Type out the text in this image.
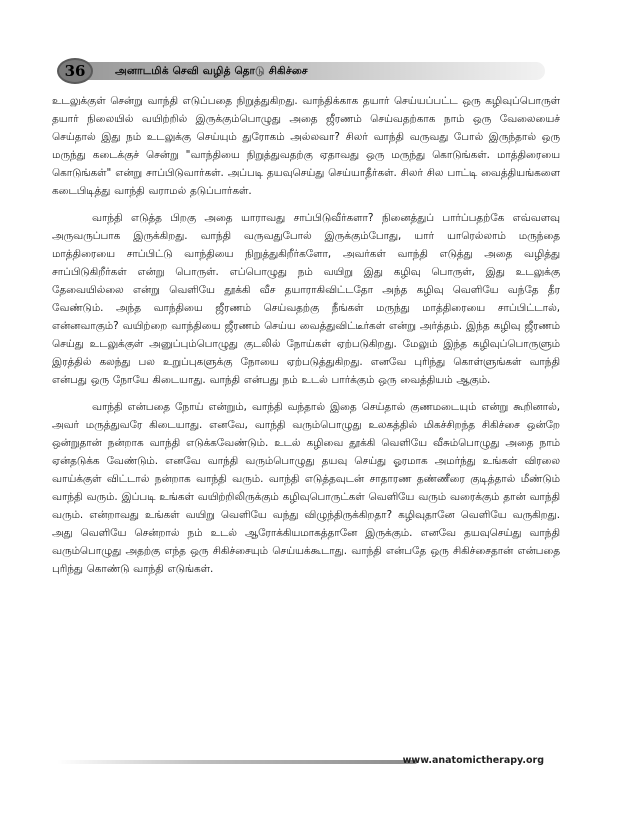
அனாடமிக் செவி வழித் தொடு சிகிச்சை
36

உடலுக்குள் சென்று வாந்தி எடுப்பதை நிறுத்துகிறது. வாந்திக்காக தயார் செய்யப்பட்ட ஒரு கழிவுப்பொருள் தயார் நிலையில் வயிற்றில் இருக்கும்பொழுது அதை ஜீரணம் செய்வதற்காக நாம் ஒரு வேலையைச் செய்தால் இது நம் உடலுக்கு செய்யும் துரோகம் அல்லவா? சிலர் வாந்தி வருவது போல் இருந்தால் ஒரு மருந்து கடைக்குச் சென்று "வாந்தியை நிறுத்துவதற்கு ஏதாவது ஒரு மருந்து கொடுங்கள். மாத்திரையை கொடுங்கள்" என்று சாப்பிடுவார்கள். அப்படி தயவுசெய்து செய்யாதீர்கள். சிலர் சில பாட்டி வைத்தியங்களை கடைபிடித்து வாந்தி வராமல் தடுப்பார்கள்.

வாந்தி எடுத்த பிறகு அதை யாராவது சாப்பிடுவீர்களா? நினைத்துப் பார்ப்பதற்கே எவ்வளவு அருவருப்பாக இருக்கிறது. வாந்தி வருவதுபோல் இருக்கும்போது, யார் யாரெல்லாம் மருந்தை மாத்திரையை சாப்பிட்டு வாந்தியை நிறுத்துகிறீர்களோ, அவர்கள் வாந்தி எடுத்து அதை வழித்து சாப்பிடுகிறீர்கள் என்று பொருள். எப்பொழுது நம் வயிறு இது கழிவு பொருள், இது உடலுக்கு தேவையில்லை என்று வெளியே தூக்கி வீச தயாராகிவிட்டதோ அந்த கழிவு வெளியே வந்தே தீர வேண்டும். அந்த வாந்தியை ஜீரணம் செய்வதற்கு நீங்கள் மருந்து மாத்திரையை சாப்பிட்டால், என்னவாகும்? வயிற்றை வாந்தியை ஜீரணம் செய்ய வைத்துவிட்டீர்கள் என்று அர்த்தம். இந்த கழிவு ஜீரணம் செய்து உடலுக்குள் அனுப்பும்பொழுது குடலில் நோய்கள் ஏற்படுகிறது. மேலும் இந்த கழிவுப்பொருளும் இரத்தில் கலந்து பல உறுப்புகளுக்கு நோயை ஏற்படுத்துகிறது. எனவே புரிந்து கொள்ளுங்கள் வாந்தி என்பது ஒரு நோயே கிடையாது. வாந்தி என்பது நம் உடல் பார்க்கும் ஒரு வைத்தியம் ஆகும்.

வாந்தி என்பதை நோய் என்றும், வாந்தி வந்தால் இதை செய்தால் குணமடையும் என்று கூறினால், அவர் மருத்துவரே கிடையாது. எனவே, வாந்தி வரும்பொழுது உலகத்தில் மிகச்சிறந்த சிகிச்சை ஒன்றே ஒன்றுதான் நன்றாக வாந்தி எடுக்கவேண்டும். உடல் கழிவை தூக்கி வெளியே வீசும்பொழுது அதை நாம் ஏன்தடுக்க வேண்டும். எனவே வாந்தி வரும்பொழுது தயவு செய்து ஓரமாக அமர்ந்து உங்கள் விரலை வாய்க்குள் விட்டால் நன்றாக வாந்தி வரும். வாந்தி எடுத்தவுடன் சாதாரண தண்ணீரை குடித்தால் மீண்டும் வாந்தி வரும். இப்படி உங்கள் வயிற்றிலிருக்கும் கழிவுபொருட்கள் வெளியே வரும் வரைக்கும் தான் வாந்தி வரும். என்றாவது உங்கள் வயிறு வெளியே வந்து விழுந்திருக்கிறதா? கழிவுதானே வெளியே வருகிறது. அது வெளியே சென்றால் நம் உடல் ஆரோக்கியமாகத்தானே இருக்கும். எனவே தயவுசெய்து வாந்தி வரும்பொழுது அதற்கு எந்த ஒரு சிகிச்சையும் செய்யக்கூடாது. வாந்தி என்பதே ஒரு சிகிச்சைதான் என்பதை புரிந்து கொண்டு வாந்தி எடுங்கள்.

www.anatomictherapy.org
